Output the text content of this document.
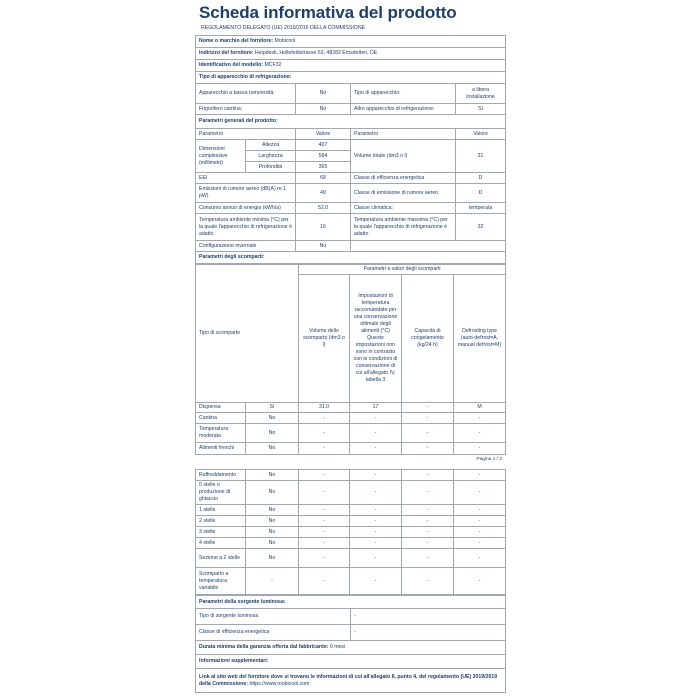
Scheda informativa del prodotto
REGOLAMENTO DELEGATO (UE) 2019/2016 DELLA COMMISSIONE
Nome o marchio del fornitore: Mobicool				
Indirizzo del fornitore: Helpdesk, Hollefeldstrasse 63, 48282 Emsdetten, DE				
Identificativo del modello: MCF32				
Tipo di apparecchio di refrigerazione:				
Apparecchio a bassa rumorosità:		No	Tipo di apparecchio:	a libera installazione
Frigorifero cantina:		No	Altro apparecchio di refrigerazione:	Sì
Parametri generali del prodotto:				
Parametro		Valore	Parametro	Valore
Dimensioni complessive (millimetri)	Altezza	407	Volume totale (dm3 o l)	31
	Larghezza	584		
	Profondità	365		
EEI		68	Classe di efficienza energetica	D
Emissioni di rumore aereo (dB(A) re 1 pW)		49	Classe di emissione di rumore aereo	D
Consumo annuo di energia (kWh/a)		52,0	Classe climatica:	temperata
Temperatura ambiente minima (°C) per la quale l'apparecchio di refrigerazione è adatto		16	Temperatura ambiente massima (°C) per la quale l'apparecchio di refrigerazione è adatto	32
Configurazione invernale		No		
Parametri degli scomparti:				
Tipo di scomparto		Parametri e valori degli scomparti			
		Volume dello scomparto (dm3 o l)	Impostazioni di temperatura raccomandate per una conservazione ottimale degli alimenti (°C) Queste impostazioni non sono in contrasto con le condizioni di conservazione di cui all'allegato IV, tabella 3	Capacità di congelamento (kg/24 h)	Defrosting type (auto-defrost=A, manual defrost=M)
Dispensa	Sì	31,0	17	-	M
Cantina	No	-	-	-	-
Temperatura moderata	No	-	-	-	-
Alimenti freschi	No	-	-	-	-
Pagina 1 / 2
Raffreddamento	No	-	-	-	-
0 stelle o produzione di ghiaccio	No	-	-	-	-
1 stella	No	-	-	-	-
2 stelle	No	-	-	-	-
3 stelle	No	-	-	-	-
4 stelle	No	-	-	-	-
Sezione a 2 stelle	No	-	-	-	-
Scomparto a temperatura variabile	-	-	-	-	-
Parametri della sorgente luminosa:	
Tipo di sorgente luminosa	-
Classe di efficienza energetica	-
Durata minima della garanzia offerta dal fabbricante: 0 mesi	
Informazioni supplementari:	
Link al sito web del fornitore dove si trovano le informazioni di cui all'allegato II, punto 4, del regolamento (UE) 2019/2019 della Commissione: https://www.mobicool.com	
